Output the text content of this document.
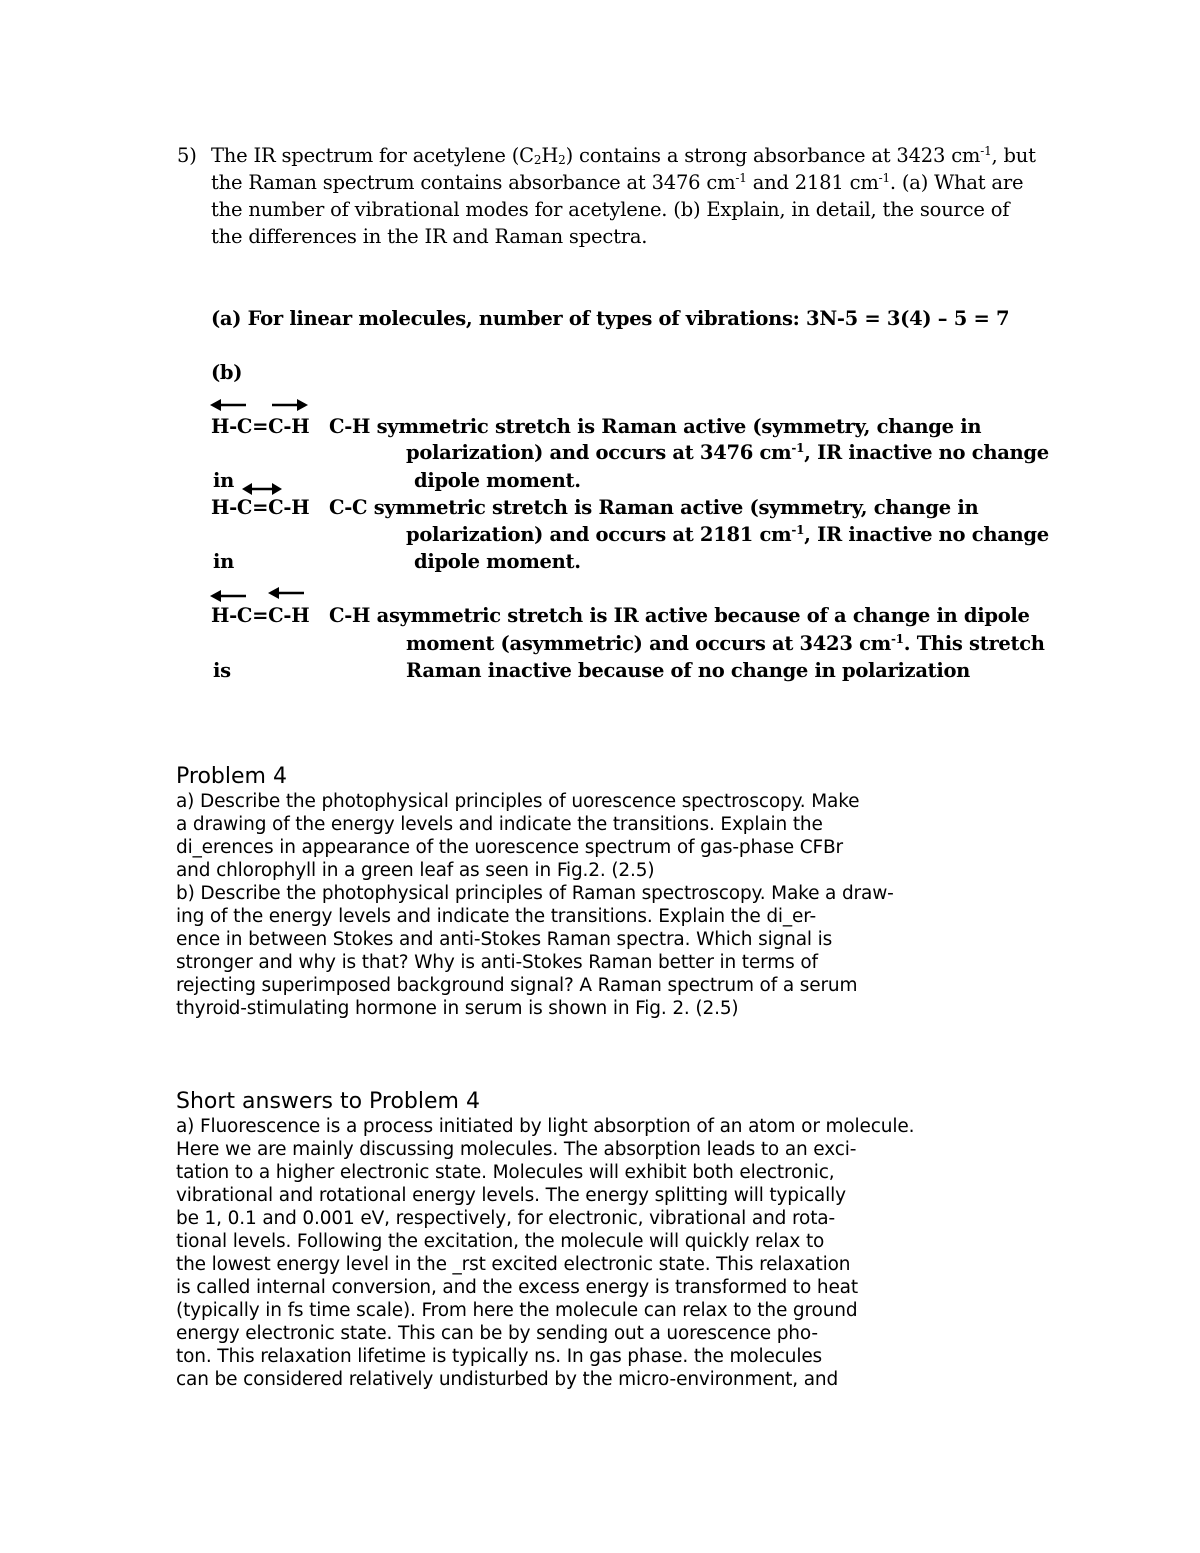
5) The IR spectrum for acetylene $(C_2H_2)$ contains a strong absorbance at 3423 $cm^{-1}$, but
the Raman spectrum contains absorbance at 3476 $cm^{-1}$ and 2181 $cm^{-1}$. (a) What are
the number of vibrational modes for acetylene. (b) Explain, in detail, the source of
the differences in the IR and Raman spectra.
(a) For linear molecules, number of types of vibrations: 3N-5 = 3(4) – 5 = 7
(b)
H-C=C-H C-H symmetric stretch is Raman active (symmetry, change in
polarization) and occurs at 3476 $cm^{-1}$, IR inactive no change
in	dipole moment.
H-C=C-H C-C symmetric stretch is Raman active (symmetry, change in
polarization) and occurs at 2181 $cm^{-1}$, IR inactive no change
in	dipole moment.
H-C=C-H C-H asymmetric stretch is IR active because of a change in dipole
moment (asymmetric) and occurs at 3423 $cm^{-1}$. This stretch
is	Raman inactive because of no change in polarization
Problem 4
a) Describe the photophysical principles of uorescence spectroscopy. Make
a drawing of the energy levels and indicate the transitions. Explain the
di_erences in appearance of the uorescence spectrum of gas-phase CFBr
and chlorophyll in a green leaf as seen in Fig.2. (2.5)
b) Describe the photophysical principles of Raman spectroscopy. Make a draw-
ing of the energy levels and indicate the transitions. Explain the di_er-
ence in between Stokes and anti-Stokes Raman spectra. Which signal is
stronger and why is that? Why is anti-Stokes Raman better in terms of
rejecting superimposed background signal? A Raman spectrum of a serum
thyroid-stimulating hormone in serum is shown in Fig. 2. (2.5)
Short answers to Problem 4
a) Fluorescence is a process initiated by light absorption of an atom or molecule.
Here we are mainly discussing molecules. The absorption leads to an exci-
tation to a higher electronic state. Molecules will exhibit both electronic,
vibrational and rotational energy levels. The energy splitting will typically
be 1, 0.1 and 0.001 eV, respectively, for electronic, vibrational and rota-
tional levels. Following the excitation, the molecule will quickly relax to
the lowest energy level in the _rst excited electronic state. This relaxation
is called internal conversion, and the excess energy is transformed to heat
(typically in fs time scale). From here the molecule can relax to the ground
energy electronic state. This can be by sending out a uorescence pho-
ton. This relaxation lifetime is typically ns. In gas phase. the molecules
can be considered relatively undisturbed by the micro-environment, and
